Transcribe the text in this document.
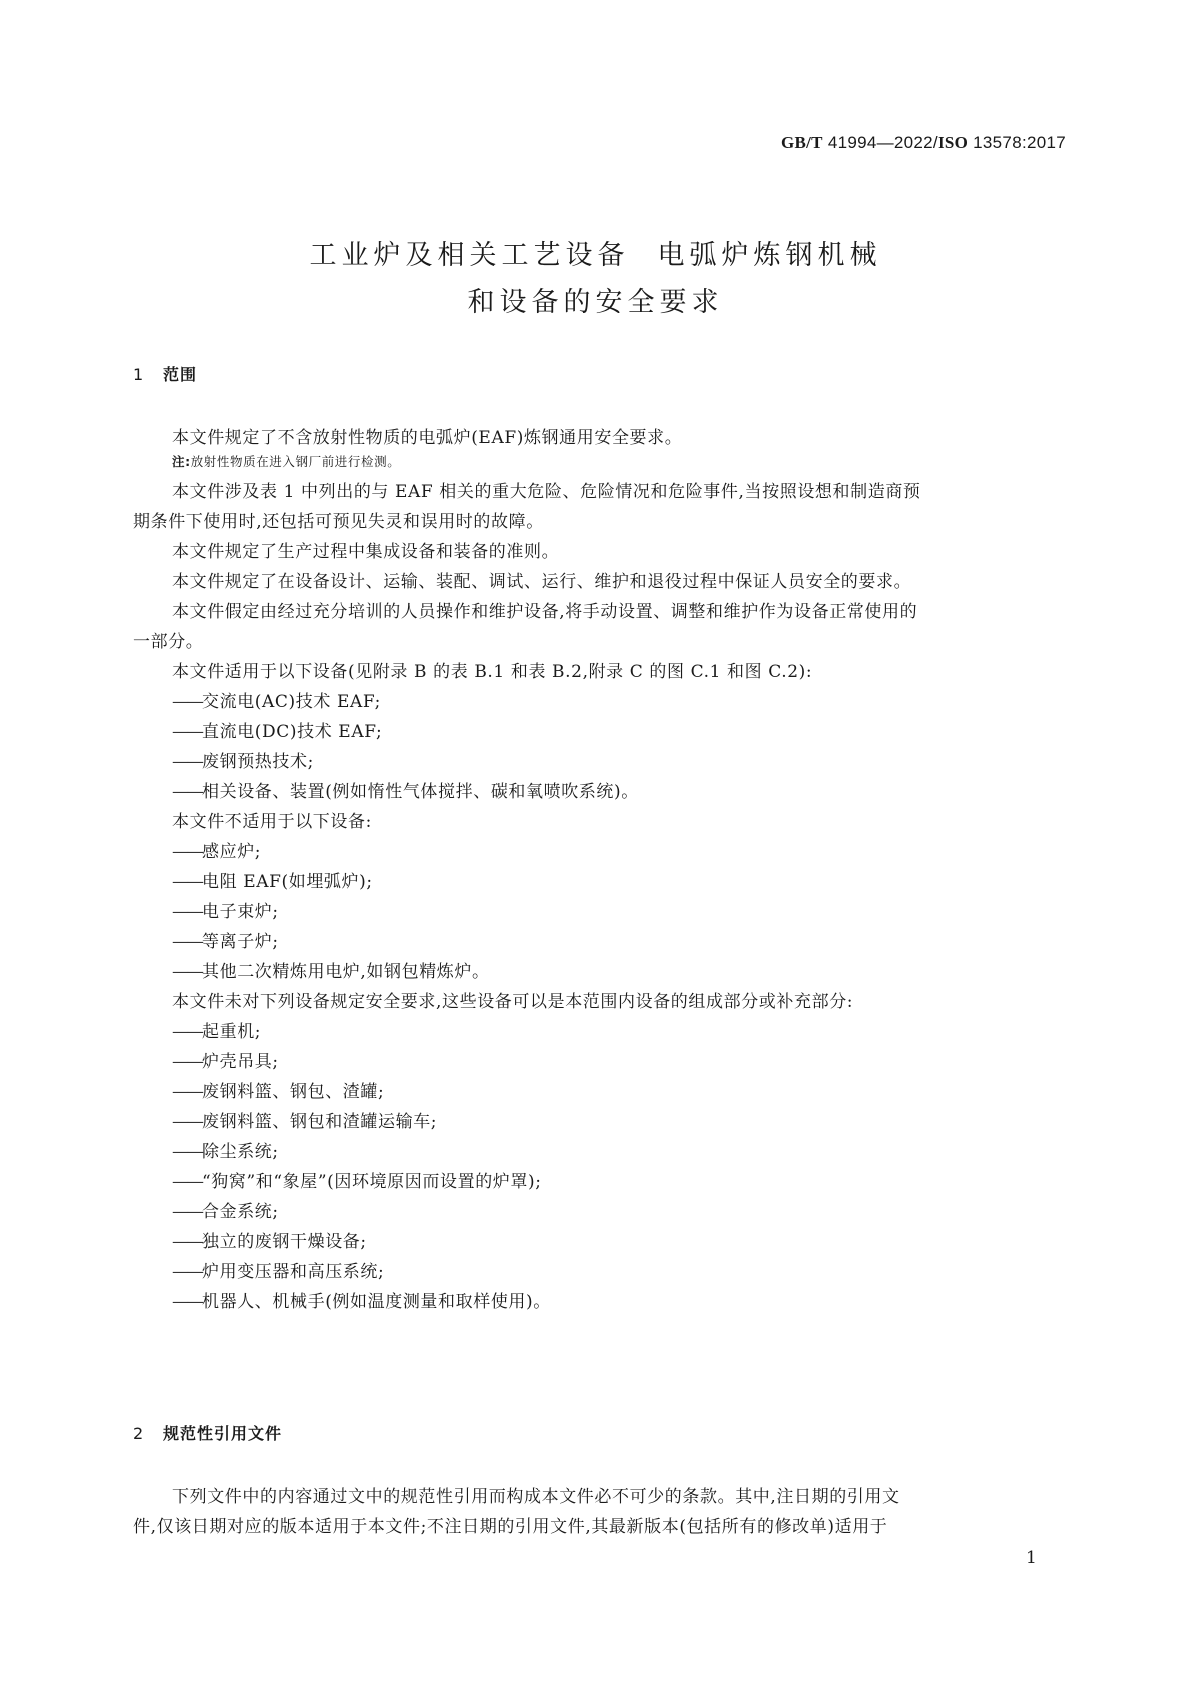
GB/T 41994—2022/ISO 13578:2017
工业炉及相关工艺设备 电弧炉炼钢机械
和设备的安全要求
1 范围
本文件规定了不含放射性物质的电弧炉(EAF)炼钢通用安全要求。
注:放射性物质在进入钢厂前进行检测。
本文件涉及表 1 中列出的与 EAF 相关的重大危险、危险情况和危险事件,当按照设想和制造商预
期条件下使用时,还包括可预见失灵和误用时的故障。
本文件规定了生产过程中集成设备和装备的准则。
本文件规定了在设备设计、运输、装配、调试、运行、维护和退役过程中保证人员安全的要求。
本文件假定由经过充分培训的人员操作和维护设备,将手动设置、调整和维护作为设备正常使用的
一部分。
本文件适用于以下设备(见附录 B 的表 B.1 和表 B.2,附录 C 的图 C.1 和图 C.2):
——交流电(AC)技术 EAF;
——直流电(DC)技术 EAF;
——废钢预热技术;
——相关设备、装置(例如惰性气体搅拌、碳和氧喷吹系统)。
本文件不适用于以下设备:
——感应炉;
——电阻 EAF(如埋弧炉);
——电子束炉;
——等离子炉;
——其他二次精炼用电炉,如钢包精炼炉。
本文件未对下列设备规定安全要求,这些设备可以是本范围内设备的组成部分或补充部分:
——起重机;
——炉壳吊具;
——废钢料篮、钢包、渣罐;
——废钢料篮、钢包和渣罐运输车;
——除尘系统;
——“狗窝”和“象屋”(因环境原因而设置的炉罩);
——合金系统;
——独立的废钢干燥设备;
——炉用变压器和高压系统;
——机器人、机械手(例如温度测量和取样使用)。
2 规范性引用文件
下列文件中的内容通过文中的规范性引用而构成本文件必不可少的条款。其中,注日期的引用文
件,仅该日期对应的版本适用于本文件;不注日期的引用文件,其最新版本(包括所有的修改单)适用于
1
